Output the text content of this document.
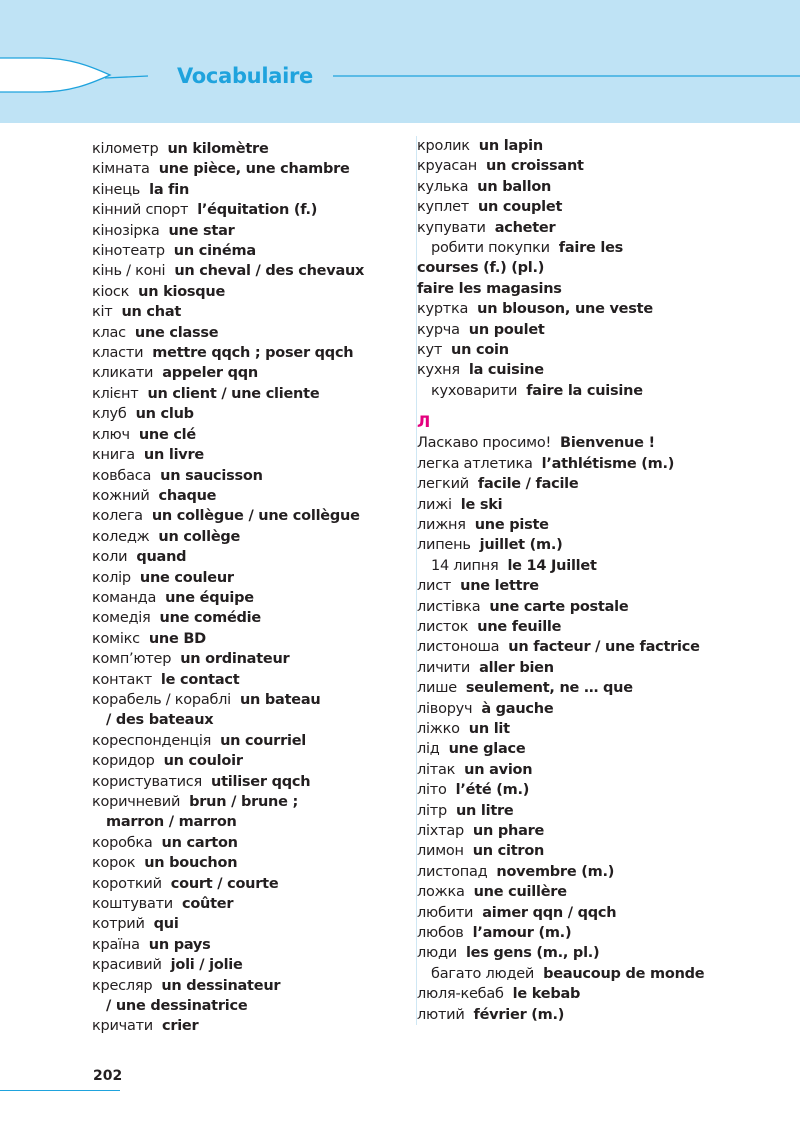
Vocabulaire
кілометр un kilomètre
кімната une pièce, une chambre
кінець la fin
кінний спорт l’équitation (f.)
кінозірка une star
кінотеатр un cinéma
кінь / коні un cheval / des chevaux
кіоск un kiosque
кіт un chat
клас une classe
класти mettre qqch ; poser qqch
кликати appeler qqn
клієнт un client / une cliente
клуб un club
ключ une clé
книга un livre
ковбаса un saucisson
кожний chaque
колега un collègue / une collègue
коледж un collège
коли quand
колір une couleur
команда une équipe
комедія une comédie
комікс une BD
комп’ютер un ordinateur
контакт le contact
корабель / кораблі un bateau
/ des bateaux
кореспонденція un courriel
коридор un couloir
користуватися utiliser qqch
коричневий brun / brune ;
marron / marron
коробка un carton
корок un bouchon
короткий court / courte
коштувати coûter
котрий qui
країна un pays
красивий joli / jolie
кресляр un dessinateur
/ une dessinatrice
кричати crier
кролик un lapin
круасан un croissant
кулька un ballon
куплет un couplet
купувати acheter
робити покупки faire les
courses (f.) (pl.)
faire les magasins
куртка un blouson, une veste
курча un poulet
кут un coin
кухня la cuisine
куховарити faire la cuisine
Л
Ласкаво просимо! Bienvenue !
легка атлетика l’athlétisme (m.)
легкий facile / facile
лижі le ski
лижня une piste
липень juillet (m.)
14 липня le 14 Juillet
лист une lettre
листівка une carte postale
листок une feuille
листоноша un facteur / une factrice
личити aller bien
лише seulement, ne … que
ліворуч à gauche
ліжко un lit
лід une glace
літак un avion
літо l’été (m.)
літр un litre
ліхтар un phare
лимон un citron
листопад novembre (m.)
ложка une cuillère
любити aimer qqn / qqch
любов l’amour (m.)
люди les gens (m., pl.)
багато людей beaucoup de monde
люля-кебаб le kebab
лютий février (m.)
202
